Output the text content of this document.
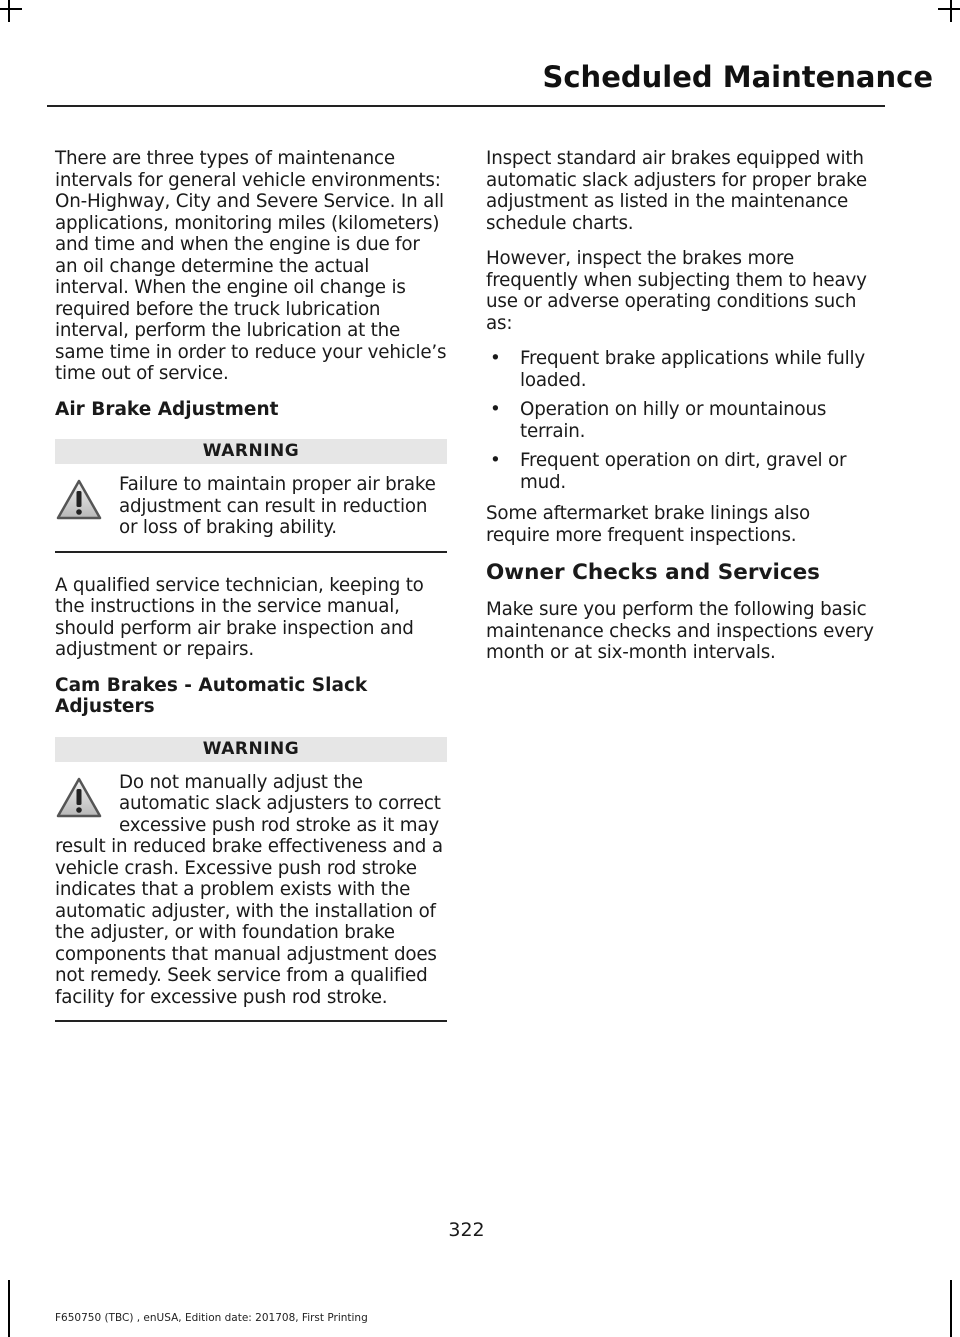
Scheduled Maintenance

There are three types of maintenance intervals for general vehicle environments: On-Highway, City and Severe Service. In all applications, monitoring miles (kilometers) and time and when the engine is due for an oil change determine the actual interval. When the engine oil change is required before the truck lubrication interval, perform the lubrication at the same time in order to reduce your vehicle’s time out of service.

Air Brake Adjustment
WARNING
Failure to maintain proper air brake adjustment can result in reduction or loss of braking ability.

A qualified service technician, keeping to the instructions in the service manual, should perform air brake inspection and adjustment or repairs.

Cam Brakes - Automatic Slack Adjusters
WARNING
Do not manually adjust the automatic slack adjusters to correct excessive push rod stroke as it may result in reduced brake effectiveness and a vehicle crash. Excessive push rod stroke indicates that a problem exists with the automatic adjuster, with the installation of the adjuster, or with foundation brake components that manual adjustment does not remedy. Seek service from a qualified facility for excessive push rod stroke.

Inspect standard air brakes equipped with automatic slack adjusters for proper brake adjustment as listed in the maintenance schedule charts.

However, inspect the brakes more frequently when subjecting them to heavy use or adverse operating conditions such as:

• Frequent brake applications while fully loaded.
• Operation on hilly or mountainous terrain.
• Frequent operation on dirt, gravel or mud.

Some aftermarket brake linings also require more frequent inspections.

Owner Checks and Services

Make sure you perform the following basic maintenance checks and inspections every month or at six-month intervals.

322
F650750 (TBC) , enUSA, Edition date: 201708, First Printing
